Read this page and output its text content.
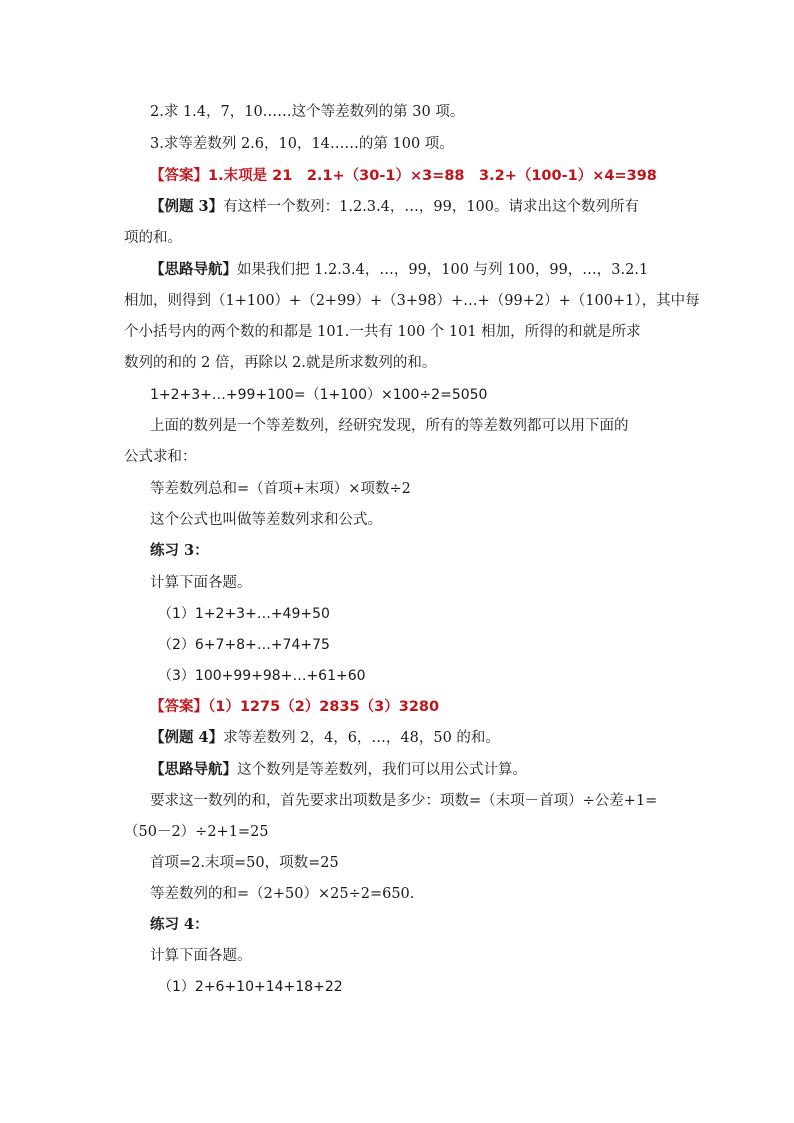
2.求 1.4，7，10……这个等差数列的第 30 项。
3.求等差数列 2.6，10，14……的第 100 项。
【答案】1.末项是 21　2.1+（30-1）×3=88　3.2+（100-1）×4=398
【例题 3】有这样一个数列：1.2.3.4，…，99，100。请求出这个数列所有
项的和。
【思路导航】如果我们把 1.2.3.4，…，99，100 与列 100，99，…，3.2.1
相加，则得到（1+100）+（2+99）+（3+98）+…+（99+2）+（100+1），其中每
个小括号内的两个数的和都是 101.一共有 100 个 101 相加，所得的和就是所求
数列的和的 2 倍，再除以 2.就是所求数列的和。
1+2+3+…+99+100=（1+100）×100÷2=5050
上面的数列是一个等差数列，经研究发现，所有的等差数列都可以用下面的
公式求和：
等差数列总和=（首项+末项）×项数÷2
这个公式也叫做等差数列求和公式。
练习 3：
计算下面各题。
（1）1+2+3+…+49+50
（2）6+7+8+…+74+75
（3）100+99+98+…+61+60
【答案】（1）1275（2）2835（3）3280
【例题 4】求等差数列 2，4，6，…，48，50 的和。
【思路导航】这个数列是等差数列，我们可以用公式计算。
要求这一数列的和，首先要求出项数是多少：项数=（末项－首项）÷公差+1=
（50－2）÷2+1=25
首项=2.末项=50，项数=25
等差数列的和=（2+50）×25÷2=650.
练习 4：
计算下面各题。
（1）2+6+10+14+18+22
